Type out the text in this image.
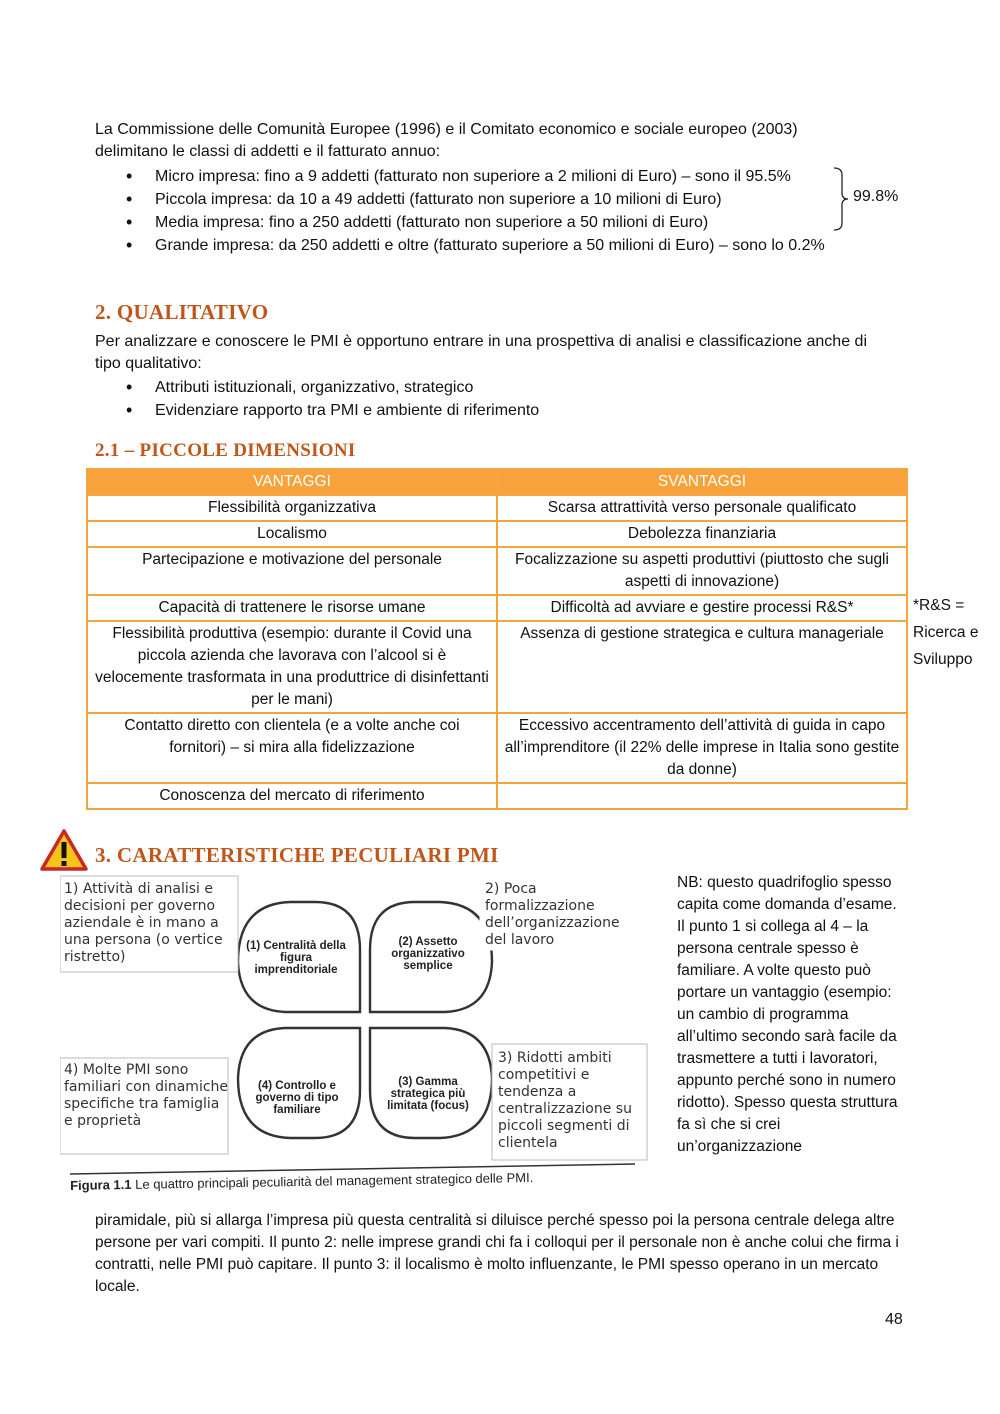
La Commissione delle Comunità Europee (1996) e il Comitato economico e sociale europeo (2003) delimitano le classi di addetti e il fatturato annuo:
• Micro impresa: fino a 9 addetti (fatturato non superiore a 2 milioni di Euro) – sono il 95.5%
• Piccola impresa: da 10 a 49 addetti (fatturato non superiore a 10 milioni di Euro)
• Media impresa: fino a 250 addetti (fatturato non superiore a 50 milioni di Euro)
• Grande impresa: da 250 addetti e oltre (fatturato superiore a 50 milioni di Euro) – sono lo 0.2%
99.8%
2. QUALITATIVO
Per analizzare e conoscere le PMI è opportuno entrare in una prospettiva di analisi e classificazione anche di tipo qualitativo:
• Attributi istituzionali, organizzativo, strategico
• Evidenziare rapporto tra PMI e ambiente di riferimento
2.1 – PICCOLE DIMENSIONI
VANTAGGI	SVANTAGGI
Flessibilità organizzativa	Scarsa attrattività verso personale qualificato
Localismo	Debolezza finanziaria
Partecipazione e motivazione del personale	Focalizzazione su aspetti produttivi (piuttosto che sugli aspetti di innovazione)
Capacità di trattenere le risorse umane	Difficoltà ad avviare e gestire processi R&S*
Flessibilità produttiva (esempio: durante il Covid una piccola azienda che lavorava con l’alcool si è velocemente trasformata in una produttrice di disinfettanti per le mani)	Assenza di gestione strategica e cultura manageriale
Contatto diretto con clientela (e a volte anche coi fornitori) – si mira alla fidelizzazione	Eccessivo accentramento dell’attività di guida in capo all’imprenditore (il 22% delle imprese in Italia sono gestite da donne)
Conoscenza del mercato di riferimento	
*R&S = Ricerca e Sviluppo
3. CARATTERISTICHE PECULIARI PMI
1) Attività di analisi e decisioni per governo aziendale è in mano a una persona (o vertice ristretto)
2) Poca formalizzazione dell’organizzazione del lavoro
3) Ridotti ambiti competitivi e tendenza a centralizzazione su piccoli segmenti di clientela
4) Molte PMI sono familiari con dinamiche specifiche tra famiglia e proprietà
(1) Centralità della figura imprenditoriale
(2) Assetto organizzativo semplice
(3) Gamma strategica più limitata (focus)
(4) Controllo e governo di tipo familiare
Figura 1.1 Le quattro principali peculiarità del management strategico delle PMI.
NB: questo quadrifoglio spesso capita come domanda d’esame. Il punto 1 si collega al 4 – la persona centrale spesso è familiare. A volte questo può portare un vantaggio (esempio: un cambio di programma all’ultimo secondo sarà facile da trasmettere a tutti i lavoratori, appunto perché sono in numero ridotto). Spesso questa struttura fa sì che si crei un’organizzazione
piramidale, più si allarga l’impresa più questa centralità si diluisce perché spesso poi la persona centrale delega altre persone per vari compiti. Il punto 2: nelle imprese grandi chi fa i colloqui per il personale non è anche colui che firma i contratti, nelle PMI può capitare. Il punto 3: il localismo è molto influenzante, le PMI spesso operano in un mercato locale.
48
